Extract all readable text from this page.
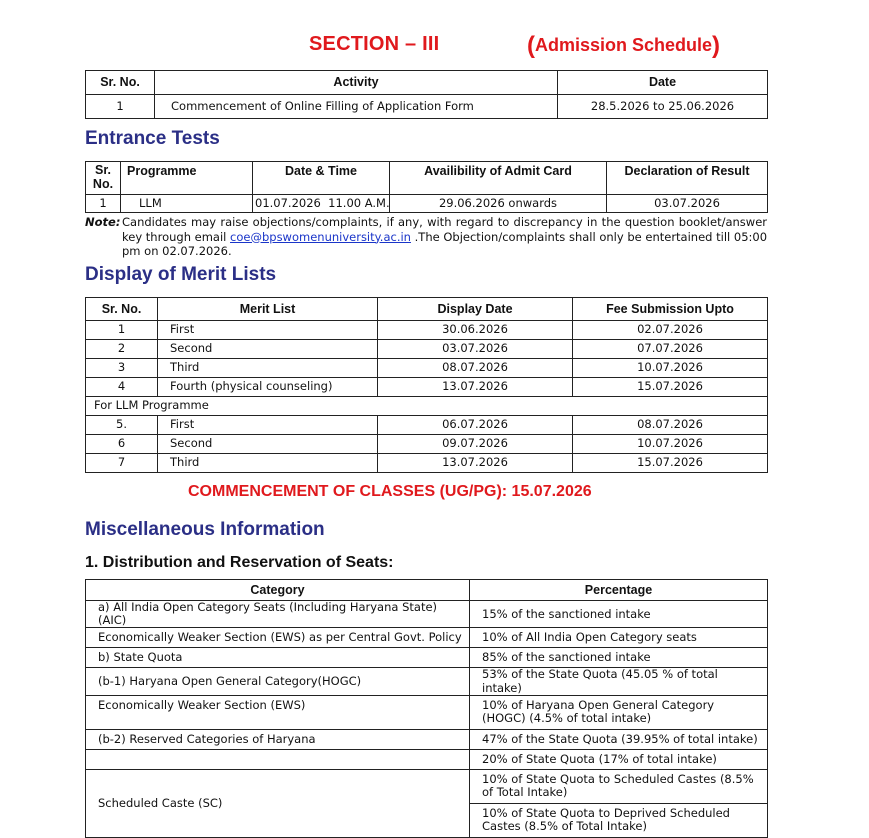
SECTION – III	(Admission Schedule)
Sr. No.	Activity	Date
1	Commencement of Online Filling of Application Form	28.5.2026 to 25.06.2026
Entrance Tests
Sr. No.	Programme	Date & Time	Availibility of Admit Card	Declaration of Result
1	LLM	01.07.2026  11.00 A.M.	29.06.2026 onwards	03.07.2026
Note: Candidates may raise objections/complaints, if any, with regard to discrepancy in the question booklet/answer key through email coe@bpswomenuniversity.ac.in .The Objection/complaints shall only be entertained till 05:00 pm on 02.07.2026.
Display of Merit Lists
Sr. No.	Merit List	Display Date	Fee Submission Upto
1	First	30.06.2026	02.07.2026
2	Second	03.07.2026	07.07.2026
3	Third	08.07.2026	10.07.2026
4	Fourth (physical counseling)	13.07.2026	15.07.2026
For LLM Programme			
5.	First	06.07.2026	08.07.2026
6	Second	09.07.2026	10.07.2026
7	Third	13.07.2026	15.07.2026
COMMENCEMENT OF CLASSES (UG/PG): 15.07.2026
Miscellaneous Information
1. Distribution and Reservation of Seats:
Category	Percentage
a) All India Open Category Seats (Including Haryana State) (AIC)	15% of the sanctioned intake
Economically Weaker Section (EWS) as per Central Govt. Policy	10% of All India Open Category seats
b) State Quota	85% of the sanctioned intake
(b-1) Haryana Open General Category(HOGC)	53% of the State Quota (45.05 % of total intake)
Economically Weaker Section (EWS)	10% of Haryana Open General Category (HOGC) (4.5% of total intake)
(b-2) Reserved Categories of Haryana	47% of the State Quota (39.95% of total intake)
	20% of State Quota (17% of total intake)
Scheduled Caste (SC)	10% of State Quota to Scheduled Castes (8.5% of Total Intake)
	10% of State Quota to Deprived Scheduled Castes (8.5% of Total Intake)
